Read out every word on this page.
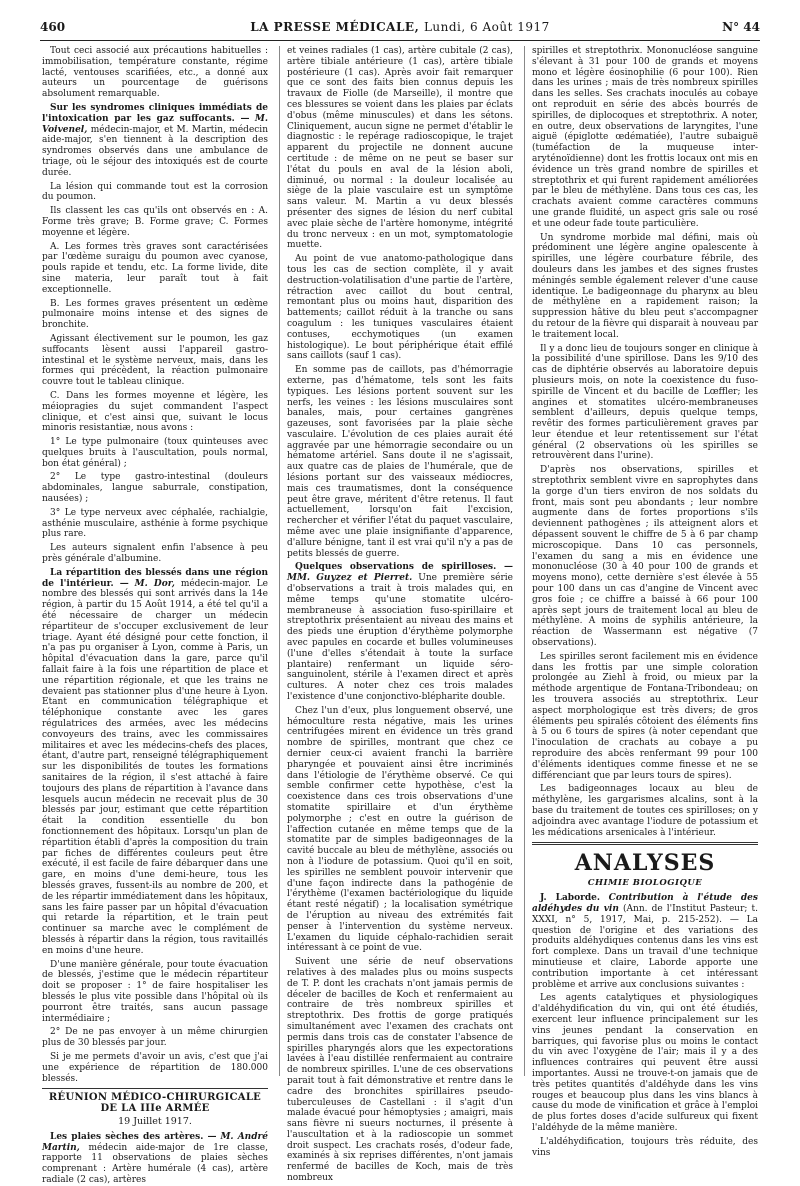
460	LA PRESSE MÉDICALE, Lundi, 6 Août 1917	N° 44

Tout ceci associé aux précautions habituelles : immobilisation, température constante, régime lacté, ventouses scarifiées, etc., a donné aux auteurs un pourcentage de guérisons absolument remarquable.

Sur les syndromes cliniques immédiats de l'intoxication par les gaz suffocants. — M. Voivenel, médecin-major, et M. Martin, médecin aide-major, s'en tiennent à la description des syndromes observés dans une ambulance de triage, où le séjour des intoxiqués est de courte durée.

La lésion qui commande tout est la corrosion du poumon.

Ils classent les cas qu'ils ont observés en : A. Forme très grave; B. Forme grave; C. Formes moyenne et légère.

A. Les formes très graves sont caractérisées par l'œdème suraigu du poumon avec cyanose, pouls rapide et tendu, etc. La forme livide, dite sine materia, leur paraît tout à fait exceptionnelle.

B. Les formes graves présentent un œdème pulmonaire moins intense et des signes de bronchite.

Agissant électivement sur le poumon, les gaz suffocants lèsent aussi l'appareil gastro-intestinal et le système nerveux, mais, dans les formes qui précèdent, la réaction pulmonaire couvre tout le tableau clinique.

C. Dans les formes moyenne et légère, les méiopragies du sujet commandent l'aspect clinique, et c'est ainsi que, suivant le locus minoris resistantiæ, nous avons :

1° Le type pulmonaire (toux quinteuses avec quelques bruits à l'auscultation, pouls normal, bon état général) ;

2° Le type gastro-intestinal (douleurs abdominales, langue saburrale, constipation, nausées) ;

3° Le type nerveux avec céphalée, rachialgie, asthénie musculaire, asthénie à forme psychique plus rare.

Les auteurs signalent enfin l'absence à peu près générale d'albumine.

La répartition des blessés dans une région de l'intérieur. — M. Dor, médecin-major. Le nombre des blessés qui sont arrivés dans la 14e région, à partir du 15 Août 1914, a été tel qu'il a été nécessaire de charger un médecin répartiteur de s'occuper exclusivement de leur triage. Ayant été désigné pour cette fonction, il n'a pas pu organiser à Lyon, comme à Paris, un hôpital d'évacuation dans la gare, parce qu'il fallait faire à la fois une répartition de place et une répartition régionale, et que les trains ne devaient pas stationner plus d'une heure à Lyon. Etant en communication télégraphique et téléphonique constante avec les gares régulatrices des armées, avec les médecins convoyeurs des trains, avec les commissaires militaires et avec les médecins-chefs des places, étant, d'autre part, renseigné télégraphiquement sur les disponibilités de toutes les formations sanitaires de la région, il s'est attaché à faire toujours des plans de répartition à l'avance dans lesquels aucun médecin ne recevait plus de 30 blessés par jour, estimant que cette répartition était la condition essentielle du bon fonctionnement des hôpitaux. Lorsqu'un plan de répartition établi d'après la composition du train par fiches de différentes couleurs peut être exécuté, il est facile de faire débarquer dans une gare, en moins d'une demi-heure, tous les blessés graves, fussent-ils au nombre de 200, et de les répartir immédiatement dans les hôpitaux, sans les faire passer par un hôpital d'évacuation qui retarde la répartition, et le train peut continuer sa marche avec le complément de blessés à répartir dans la région, tous ravitaillés en moins d'une heure.

D'une manière générale, pour toute évacuation de blessés, j'estime que le médecin répartiteur doit se proposer : 1° de faire hospitaliser les blessés le plus vite possible dans l'hôpital où ils pourront être traités, sans aucun passage intermédiaire ;

2° De ne pas envoyer à un même chirurgien plus de 30 blessés par jour.

Si je me permets d'avoir un avis, c'est que j'ai une expérience de répartition de 180.000 blessés.

RÉUNION MÉDICO-CHIRURGICALE DE LA IIIe ARMÉE
19 Juillet 1917.

Les plaies sèches des artères. — M. André Martin, médecin aide-major de 1re classe, rapporte 11 observations de plaies sèches comprenant : Artère humérale (4 cas), artère radiale (2 cas), artères

et veines radiales (1 cas), artère cubitale (2 cas), artère tibiale antérieure (1 cas), artère tibiale postérieure (1 cas). Après avoir fait remarquer que ce sont des faits bien connus depuis les travaux de Fiolle (de Marseille), il montre que ces blessures se voient dans les plaies par éclats d'obus (même minuscules) et dans les sétons. Cliniquement, aucun signe ne permet d'établir le diagnostic : le repérage radioscopique, le trajet apparent du projectile ne donnent aucune certitude : de même on ne peut se baser sur l'état du pouls en aval de la lésion aboli, diminué, ou normal : la douleur localisée au siège de la plaie vasculaire est un symptôme sans valeur. M. Martin a vu deux blessés présenter des signes de lésion du nerf cubital avec plaie sèche de l'artère homonyme, intégrité du tronc nerveux : en un mot, symptomatologie muette.

Au point de vue anatomo-pathologique dans tous les cas de section complète, il y avait destruction-volatilisation d'une partie de l'artère, rétraction avec caillot du bout central, remontant plus ou moins haut, disparition des battements; caillot réduit à la tranche ou sans coagulum : les tuniques vasculaires étaient contuses, ecchymotiques (un examen histologique). Le bout périphérique était effilé sans caillots (sauf 1 cas).

En somme pas de caillots, pas d'hémorragie externe, pas d'hématome, tels sont les faits typiques. Les lésions portent souvent sur les nerfs, les veines : les lésions musculaires sont banales, mais, pour certaines gangrènes gazeuses, sont favorisées par la plaie sèche vasculaire. L'évolution de ces plaies aurait été aggravée par une hémorragie secondaire ou un hématome artériel. Sans doute il ne s'agissait, aux quatre cas de plaies de l'humérale, que de lésions portant sur des vaisseaux médiocres, mais ces traumatismes, dont la conséquence peut être grave, méritent d'être retenus. Il faut actuellement, lorsqu'on fait l'excision, rechercher et vérifier l'état du paquet vasculaire, même avec une plaie insignifiante d'apparence, d'allure bénigne, tant il est vrai qu'il n'y a pas de petits blessés de guerre.

Quelques observations de spirilloses. — MM. Guyzez et Pierret. Une première série d'observations a trait à trois malades qui, en même temps qu'une stomatite ulcéro-membraneuse à association fuso-spirillaire et streptothrix présentaient au niveau des mains et des pieds une éruption d'érythème polymorphe avec papules en cocarde et bulles volumineuses (l'une d'elles s'étendait à toute la surface plantaire) renfermant un liquide séro-sanguinolent, stérile à l'examen direct et après cultures. A noter chez ces trois malades l'existence d'une conjonctivo-blépharite double.

Chez l'un d'eux, plus longuement observé, une hémoculture resta négative, mais les urines centrifugées mirent en évidence un très grand nombre de spirilles, montrant que chez ce dernier ceux-ci avaient franchi la barrière pharyngée et pouvaient ainsi être incriminés dans l'étiologie de l'érythème observé. Ce qui semble confirmer cette hypothèse, c'est la coexistence dans ces trois observations d'une stomatite spirillaire et d'un érythème polymorphe ; c'est en outre la guérison de l'affection cutanée en même temps que de la stomatite par de simples badigeonnages de la cavité buccale au bleu de méthylène, associés ou non à l'iodure de potassium. Quoi qu'il en soit, les spirilles ne semblent pouvoir intervenir que d'une façon indirecte dans la pathogénie de l'érythème (l'examen bactériologique du liquide étant resté négatif) ; la localisation symétrique de l'éruption au niveau des extrémités fait penser à l'intervention du système nerveux. L'examen du liquide céphalo-rachidien serait intéressant à ce point de vue.

Suivent une série de neuf observations relatives à des malades plus ou moins suspects de T. P. dont les crachats n'ont jamais permis de déceler de bacilles de Koch et renfermaient au contraire de très nombreux spirilles et streptothrix. Des frottis de gorge pratiqués simultanément avec l'examen des crachats ont permis dans trois cas de constater l'absence de spirilles pharyngés alors que les expectorations lavées à l'eau distillée renfermaient au contraire de nombreux spirilles. L'une de ces observations parait tout à fait démonstrative et rentre dans le cadre des bronchites spirillaires pseudo-tuberculeuses de Castellani : il s'agit d'un malade évacué pour hémoptysies ; amaigri, mais sans fièvre ni sueurs nocturnes, il présente à l'auscultation et à la radioscopie un sommet droit suspect. Les crachats rosés, d'odeur fade, examinés à six reprises différentes, n'ont jamais renfermé de bacilles de Koch, mais de très nombreux

spirilles et streptothrix. Mononucléose sanguine s'élevant à 31 pour 100 de grands et moyens mono et légère éosinophilie (6 pour 100). Rien dans les urines ; mais de très nombreux spirilles dans les selles. Ses crachats inoculés au cobaye ont reproduit en série des abcès bourrés de spirilles, de diplocoques et streptothrix. A noter, en outre, deux observations de laryngites, l'une aiguë (épiglotte œdématiée), l'autre subaiguë (tuméfaction de la muqueuse inter-aryténoïdienne) dont les frottis locaux ont mis en évidence un très grand nombre de spirilles et streptothrix et qui furent rapidement améliorées par le bleu de méthylène. Dans tous ces cas, les crachats avaient comme caractères communs une grande fluidité, un aspect gris sale ou rosé et une odeur fade toute particulière.

Un syndrome morbide mal défini, mais où prédominent une légère angine opalescente à spirilles, une légère courbature fébrile, des douleurs dans les jambes et des signes frustes méningés semble également relever d'une cause identique. Le badigeonnage du pharynx au bleu de méthylène en a rapidement raison; la suppression hâtive du bleu peut s'accompagner du retour de la fièvre qui disparait à nouveau par le traitement local.

Il y a donc lieu de toujours songer en clinique à la possibilité d'une spirillose. Dans les 9/10 des cas de diphtérie observés au laboratoire depuis plusieurs mois, on note la coexistence du fuso-spirille de Vincent et du bacille de Lœffler; les angines et stomatites ulcéro-membraneuses semblent d'ailleurs, depuis quelque temps, revêtir des formes particulièrement graves par leur étendue et leur retentissement sur l'état général (2 observations où les spirilles se retrouvèrent dans l'urine).

D'après nos observations, spirilles et streptothrix semblent vivre en saprophytes dans la gorge d'un tiers environ de nos soldats du front, mais sont peu abondants ; leur nombre augmente dans de fortes proportions s'ils deviennent pathogènes ; ils atteignent alors et dépassent souvent le chiffre de 5 à 6 par champ microscopique. Dans 10 cas personnels, l'examen du sang a mis en évidence une mononucléose (30 à 40 pour 100 de grands et moyens mono), cette dernière s'est élevée à 55 pour 100 dans un cas d'angine de Vincent avec gros foie ; ce chiffre a baissé à 66 pour 100 après sept jours de traitement local au bleu de méthylène. A moins de syphilis antérieure, la réaction de Wassermann est négative (7 observations).

Les spirilles seront facilement mis en évidence dans les frottis par une simple coloration prolongée au Ziehl à froid, ou mieux par la méthode argentique de Fontana-Tribondeau; on les trouvera associés au streptothrix. Leur aspect morphologique est très divers; de gros éléments peu spiralés côtoient des éléments fins à 5 ou 6 tours de spires (à noter cependant que l'inoculation de crachats au cobaye a pu reproduire des abcès renfermant 99 pour 100 d'éléments identiques comme finesse et ne se différenciant que par leurs tours de spires).

Les badigeonnages locaux au bleu de méthylène, les gargarismes alcalins, sont à la base du traitement de toutes ces spirilloses; on y adjoindra avec avantage l'iodure de potassium et les médications arsenicales à l'intérieur.

ANALYSES
CHIMIE BIOLOGIQUE

J. Laborde. Contribution à l'étude des aldéhydes du vin (Ann. de l'Institut Pasteur; t. XXXI, n° 5, 1917, Mai, p. 215-252). — La question de l'origine et des variations des produits aldéhydiques contenus dans les vins est fort complexe. Dans un travail d'une technique minutieuse et claire, Laborde apporte une contribution importante à cet intéressant problème et arrive aux conclusions suivantes :

Les agents catalytiques et physiologiques d'aldéhydification du vin, qui ont été étudiés, exercent leur influence principalement sur les vins jeunes pendant la conservation en barriques, qui favorise plus ou moins le contact du vin avec l'oxygène de l'air; mais il y a des influences contraires qui peuvent être aussi importantes. Aussi ne trouve-t-on jamais que de très petites quantités d'aldéhyde dans les vins rouges et beaucoup plus dans les vins blancs à cause du mode de vinification et grâce à l'emploi de plus fortes doses d'acide sulfureux qui fixent l'aldéhyde de la même manière.

L'aldéhydification, toujours très réduite, des vins
